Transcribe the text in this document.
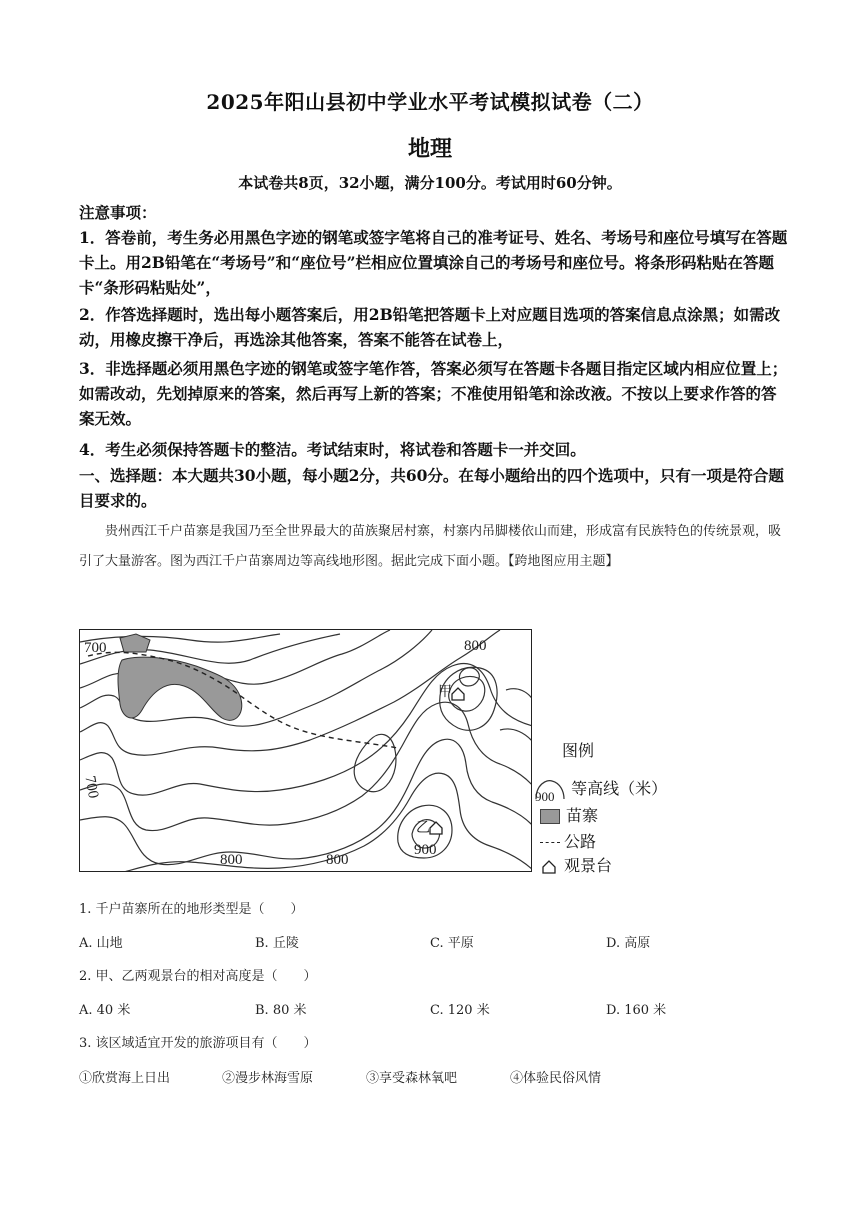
2025年阳山县初中学业水平考试模拟试卷（二）
地理
本试卷共8页，32小题，满分100分。考试用时60分钟。
注意事项：
1．答卷前，考生务必用黑色字迹的钢笔或签字笔将自己的准考证号、姓名、考场号和座位号填写在答题卡上。用2B铅笔在“考场号”和“座位号”栏相应位置填涂自己的考场号和座位号。将条形码粘贴在答题卡“条形码粘贴处”，
2．作答选择题时，选出每小题答案后，用2B铅笔把答题卡上对应题目选项的答案信息点涂黑；如需改动，用橡皮擦干净后，再选涂其他答案，答案不能答在试卷上，
3．非选择题必须用黑色字迹的钢笔或签字笔作答，答案必须写在答题卡各题目指定区域内相应位置上；如需改动，先划掉原来的答案，然后再写上新的答案；不准使用铅笔和涂改液。不按以上要求作答的答案无效。
4．考生必须保持答题卡的整洁。考试结束时，将试卷和答题卡一并交回。
一、选择题：本大题共30小题，每小题2分，共60分。在每小题给出的四个选项中，只有一项是符合题目要求的。
贵州西江千户苗寨是我国乃至全世界最大的苗族聚居村寨，村寨内吊脚楼依山而建，形成富有民族特色的传统景观，吸引了大量游客。图为西江千户苗寨周边等高线地形图。据此完成下面小题。【跨地图应用主题】
700
700
800
800	800
900
甲
乙
图例
900 等高线（米）
苗寨
公路
观景台
1. 千户苗寨所在的地形类型是（　　）
A. 山地	B. 丘陵	C. 平原	D. 高原
2. 甲、乙两观景台的相对高度是（　　）
A. 40 米	B. 80 米	C. 120 米	D. 160 米
3. 该区域适宜开发的旅游项目有（　　）
①欣赏海上日出	②漫步林海雪原	③享受森林氧吧	④体验民俗风情
